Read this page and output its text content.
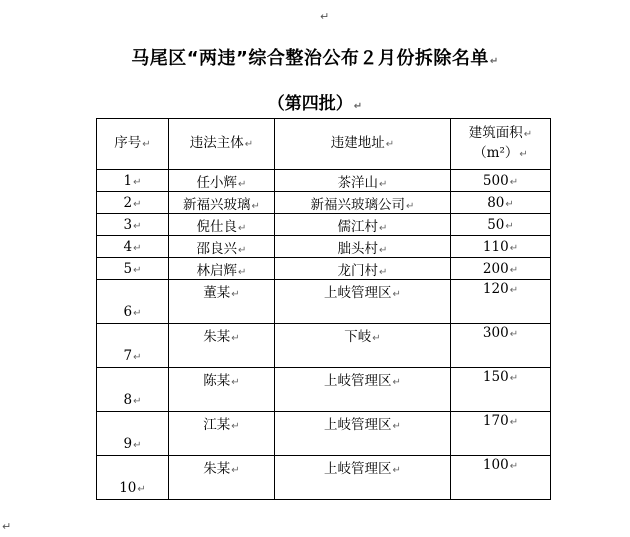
↵
马尾区“两违”综合整治公布２月份拆除名单↵
（第四批）↵
序号↵	违法主体↵	违建地址↵	建筑面积↵
（m²）↵
1↵	任小辉↵	茶洋山↵	500↵
2↵	新福兴玻璃↵	新福兴玻璃公司↵	80↵
3↵	倪仕良↵	儒江村↵	50↵
4↵	邵良兴↵	朏头村↵	110↵
5↵	林启辉↵	龙门村↵	200↵
6↵	董某↵	上岐管理区↵	120↵
7↵	朱某↵	下岐↵	300↵
8↵	陈某↵	上岐管理区↵	150↵
9↵	江某↵	上岐管理区↵	170↵
10↵	朱某↵	上岐管理区↵	100↵
↵
